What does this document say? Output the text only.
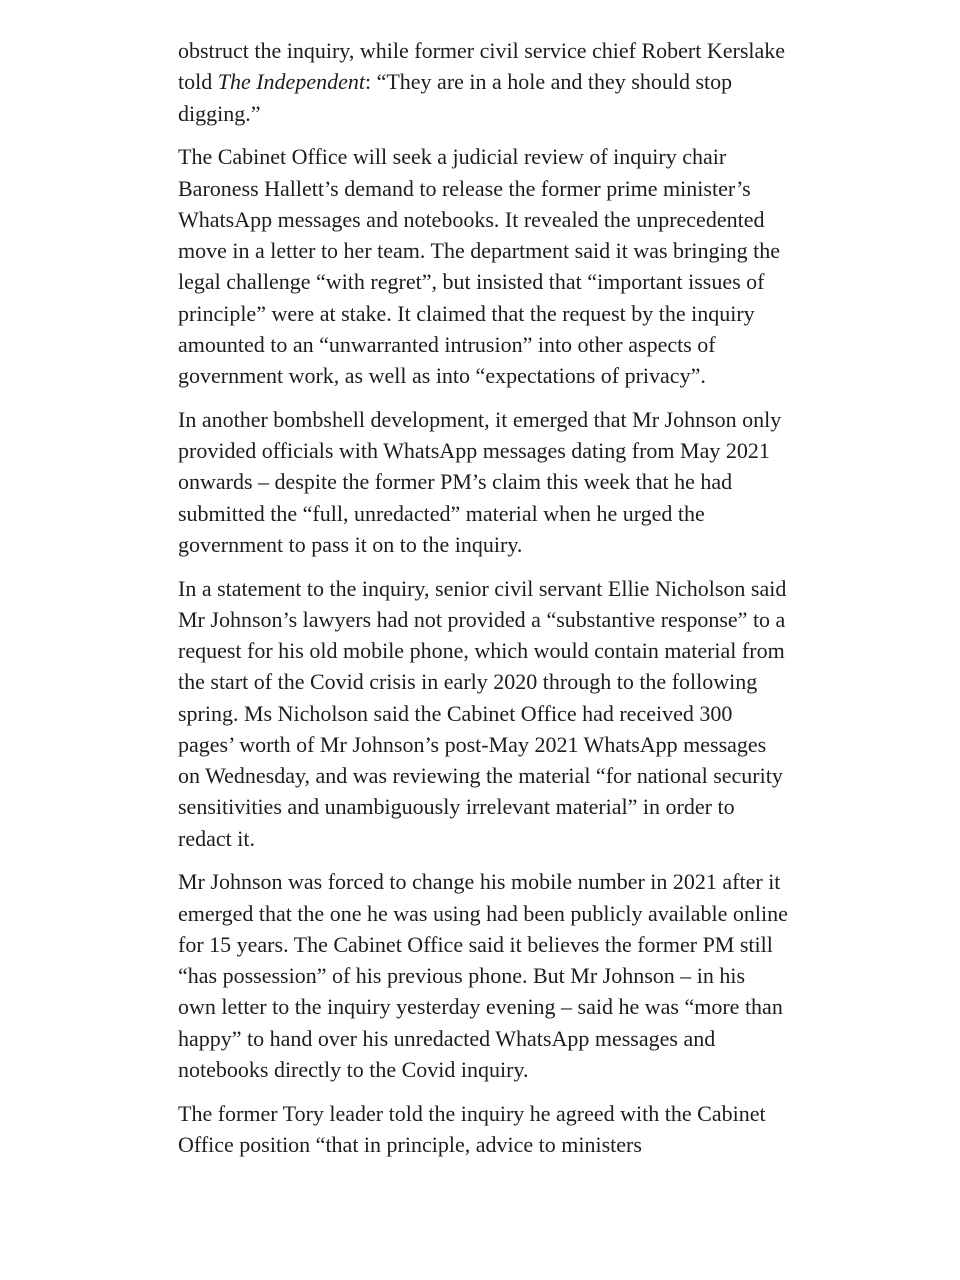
obstruct the inquiry, while former civil service chief Robert Kerslake told The Independent: “They are in a hole and they should stop digging.”

The Cabinet Office will seek a judicial review of inquiry chair Baroness Hallett’s demand to release the former prime minister’s WhatsApp messages and notebooks. It revealed the unprecedented move in a letter to her team. The department said it was bringing the legal challenge “with regret”, but insisted that “important issues of principle” were at stake. It claimed that the request by the inquiry amounted to an “unwarranted intrusion” into other aspects of government work, as well as into “expectations of privacy”.

In another bombshell development, it emerged that Mr Johnson only provided officials with WhatsApp messages dating from May 2021 onwards – despite the former PM’s claim this week that he had submitted the “full, unredacted” material when he urged the government to pass it on to the inquiry.

In a statement to the inquiry, senior civil servant Ellie Nicholson said Mr Johnson’s lawyers had not provided a “substantive response” to a request for his old mobile phone, which would contain material from the start of the Covid crisis in early 2020 through to the following spring. Ms Nicholson said the Cabinet Office had received 300 pages’ worth of Mr Johnson’s post-May 2021 WhatsApp messages on Wednesday, and was reviewing the material “for national security sensitivities and unambiguously irrelevant material” in order to redact it.

Mr Johnson was forced to change his mobile number in 2021 after it emerged that the one he was using had been publicly available online for 15 years. The Cabinet Office said it believes the former PM still “has possession” of his previous phone. But Mr Johnson – in his own letter to the inquiry yesterday evening – said he was “more than happy” to hand over his unredacted WhatsApp messages and notebooks directly to the Covid inquiry.

The former Tory leader told the inquiry he agreed with the Cabinet Office position “that in principle, advice to ministers
